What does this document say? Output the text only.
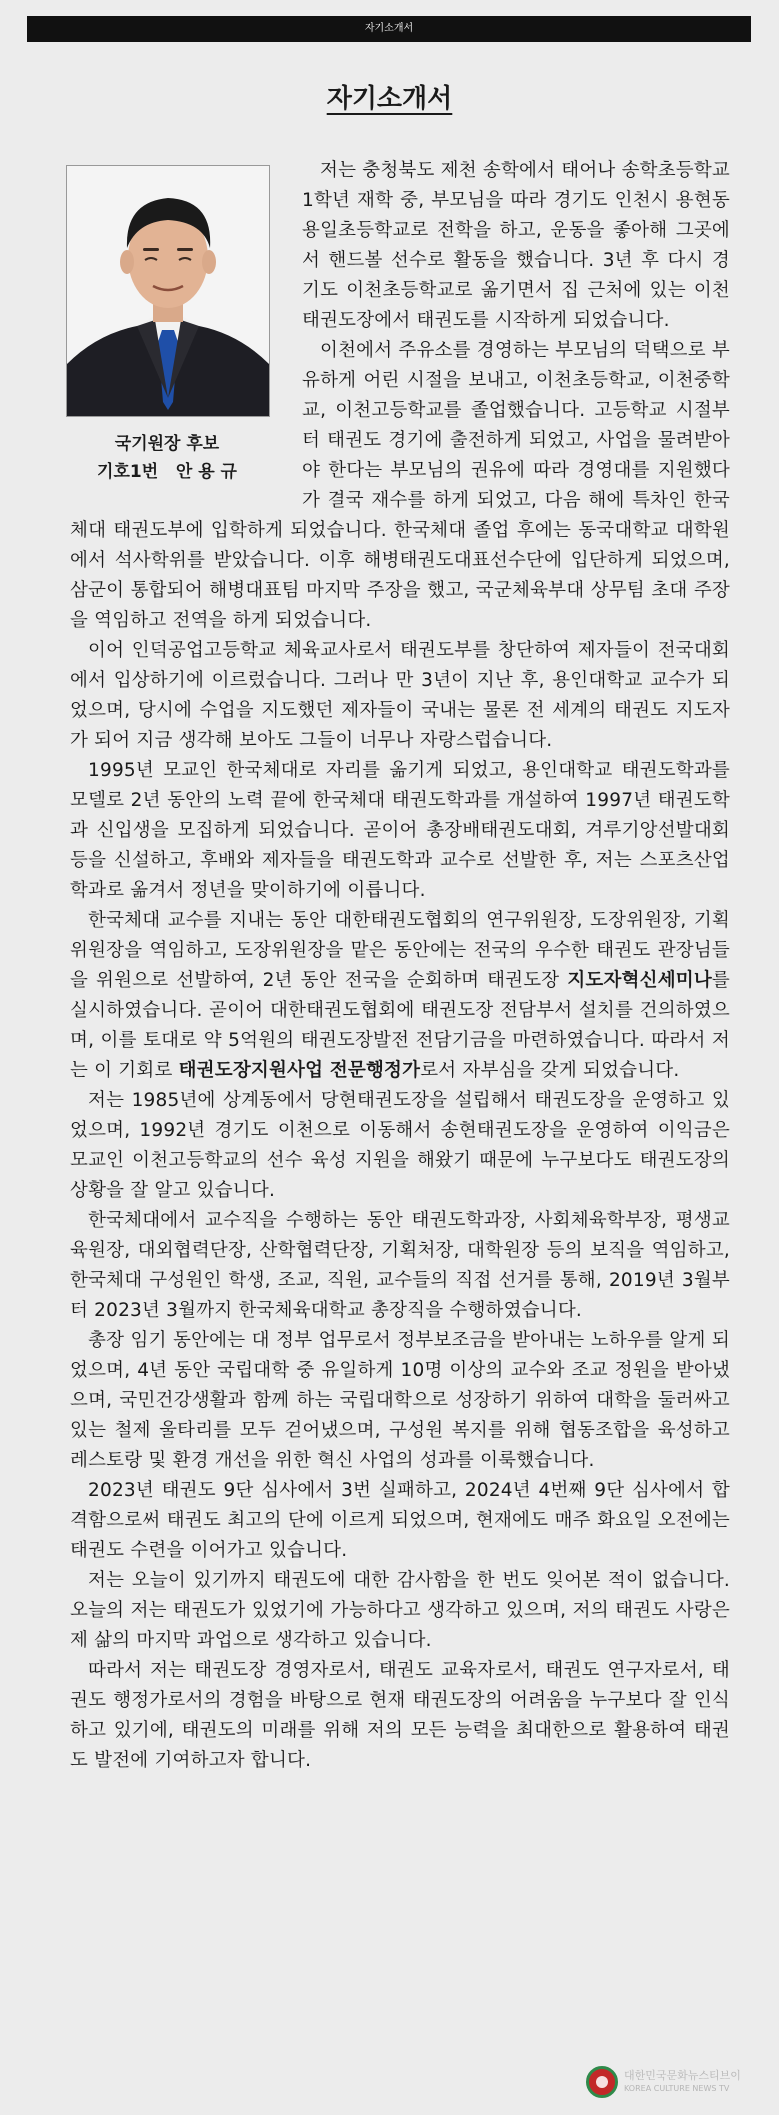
자기소개서
자기소개서
국기원장 후보
기호1번   안 용 규

저는 충청북도 제천 송학에서 태어나 송학초등학교 1학년 재학 중, 부모님을 따라 경기도 인천시 용현동 용일초등학교로 전학을 하고, 운동을 좋아해 그곳에서 핸드볼 선수로 활동을 했습니다. 3년 후 다시 경기도 이천초등학교로 옮기면서 집 근처에 있는 이천태권도장에서 태권도를 시작하게 되었습니다.

이천에서 주유소를 경영하는 부모님의 덕택으로 부유하게 어린 시절을 보내고, 이천초등학교, 이천중학교, 이천고등학교를 졸업했습니다. 고등학교 시절부터 태권도 경기에 출전하게 되었고, 사업을 물려받아야 한다는 부모님의 권유에 따라 경영대를 지원했다가 결국 재수를 하게 되었고, 다음 해에 특차인 한국체대 태권도부에 입학하게 되었습니다. 한국체대 졸업 후에는 동국대학교 대학원에서 석사학위를 받았습니다. 이후 해병태권도대표선수단에 입단하게 되었으며, 삼군이 통합되어 해병대표팀 마지막 주장을 했고, 국군체육부대 상무팀 초대 주장을 역임하고 전역을 하게 되었습니다.

이어 인덕공업고등학교 체육교사로서 태권도부를 창단하여 제자들이 전국대회에서 입상하기에 이르렀습니다. 그러나 만 3년이 지난 후, 용인대학교 교수가 되었으며, 당시에 수업을 지도했던 제자들이 국내는 물론 전 세계의 태권도 지도자가 되어 지금 생각해 보아도 그들이 너무나 자랑스럽습니다.

1995년 모교인 한국체대로 자리를 옮기게 되었고, 용인대학교 태권도학과를 모델로 2년 동안의 노력 끝에 한국체대 태권도학과를 개설하여 1997년 태권도학과 신입생을 모집하게 되었습니다. 곧이어 총장배태권도대회, 겨루기앙선발대회 등을 신설하고, 후배와 제자들을 태권도학과 교수로 선발한 후, 저는 스포츠산업학과로 옮겨서 정년을 맞이하기에 이릅니다.

한국체대 교수를 지내는 동안 대한태권도협회의 연구위원장, 도장위원장, 기획위원장을 역임하고, 도장위원장을 맡은 동안에는 전국의 우수한 태권도 관장님들을 위원으로 선발하여, 2년 동안 전국을 순회하며 태권도장 지도자혁신세미나를 실시하였습니다. 곧이어 대한태권도협회에 태권도장 전담부서 설치를 건의하였으며, 이를 토대로 약 5억원의 태권도장발전 전담기금을 마련하였습니다. 따라서 저는 이 기회로 태권도장지원사업 전문행정가로서 자부심을 갖게 되었습니다.

저는 1985년에 상계동에서 당현태권도장을 설립해서 태권도장을 운영하고 있었으며, 1992년 경기도 이천으로 이동해서 송현태권도장을 운영하여 이익금은 모교인 이천고등학교의 선수 육성 지원을 해왔기 때문에 누구보다도 태권도장의 상황을 잘 알고 있습니다.

한국체대에서 교수직을 수행하는 동안 태권도학과장, 사회체육학부장, 평생교육원장, 대외협력단장, 산학협력단장, 기획처장, 대학원장 등의 보직을 역임하고, 한국체대 구성원인 학생, 조교, 직원, 교수들의 직접 선거를 통해, 2019년 3월부터 2023년 3월까지 한국체육대학교 총장직을 수행하였습니다.

총장 임기 동안에는 대 정부 업무로서 정부보조금을 받아내는 노하우를 알게 되었으며, 4년 동안 국립대학 중 유일하게 10명 이상의 교수와 조교 정원을 받아냈으며, 국민건강생활과 함께 하는 국립대학으로 성장하기 위하여 대학을 둘러싸고 있는 철제 울타리를 모두 걷어냈으며, 구성원 복지를 위해 협동조합을 육성하고 레스토랑 및 환경 개선을 위한 혁신 사업의 성과를 이룩했습니다.

2023년 태권도 9단 심사에서 3번 실패하고, 2024년 4번째 9단 심사에서 합격함으로써 태권도 최고의 단에 이르게 되었으며, 현재에도 매주 화요일 오전에는 태권도 수련을 이어가고 있습니다.

저는 오늘이 있기까지 태권도에 대한 감사함을 한 번도 잊어본 적이 없습니다. 오늘의 저는 태권도가 있었기에 가능하다고 생각하고 있으며, 저의 태권도 사랑은 제 삶의 마지막 과업으로 생각하고 있습니다.

따라서 저는 태권도장 경영자로서, 태권도 교육자로서, 태권도 연구자로서, 태권도 행정가로서의 경험을 바탕으로 현재 태권도장의 어려움을 누구보다 잘 인식하고 있기에, 태권도의 미래를 위해 저의 모든 능력을 최대한으로 활용하여 태권도 발전에 기여하고자 합니다.

대한민국문화뉴스티브이
KOREA CULTURE NEWS TV
